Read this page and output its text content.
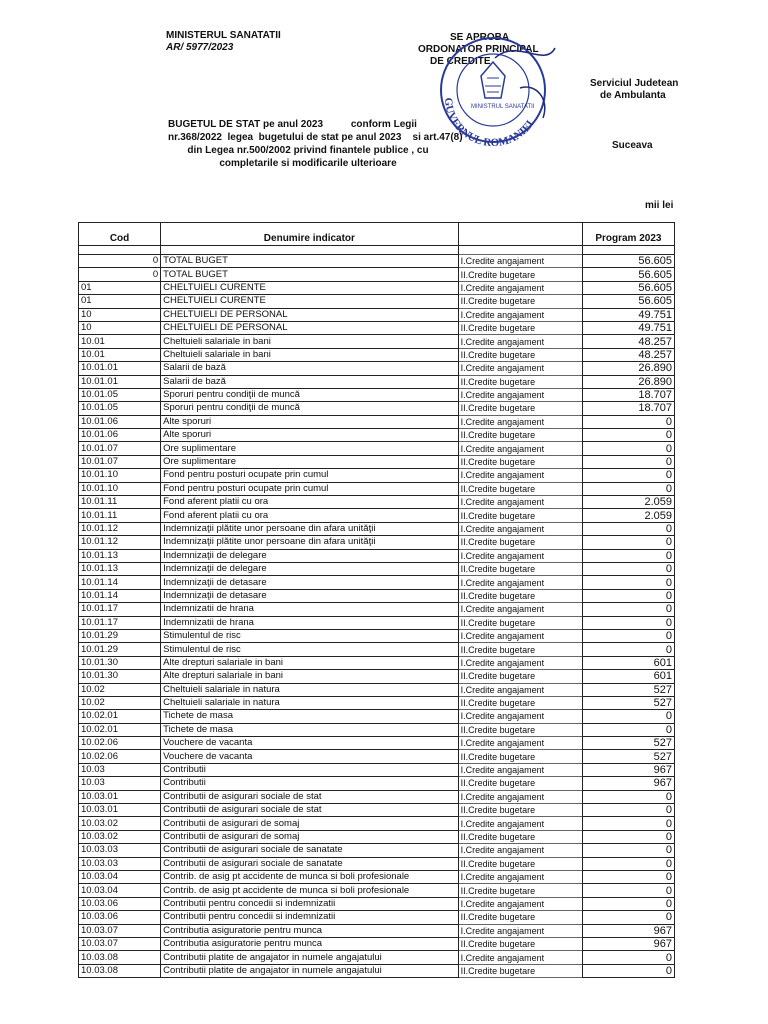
MINISTERUL SANATATII
AR/ 5977/2023
SE APROBA
ORDONATOR PRINCIPAL
DE CREDITE
GUVERNUL ROMANIEI
MINISTRUL SANATATII
Serviciul Judetean
de Ambulanta
Suceava
BUGETUL DE STAT pe anul 2023          conform Legii
nr.368/2022  legea  bugetului de stat pe anul 2023    si art.47(8)
din Legea nr.500/2002 privind finantele publice , cu
completarile si modificarile ulterioare
mii lei
Cod	Denumire indicator			Program 2023

0	TOTAL BUGET	I.Credite angajament		56.605
0	TOTAL BUGET	II.Credite bugetare		56.605
01	CHELTUIELI CURENTE	I.Credite angajament		56.605
01	CHELTUIELI CURENTE	II.Credite bugetare		56.605
10	CHELTUIELI DE PERSONAL	I.Credite angajament		49.751
10	CHELTUIELI DE PERSONAL	II.Credite bugetare		49.751
10.01	Cheltuieli salariale in bani	I.Credite angajament		48.257
10.01	Cheltuieli salariale in bani	II.Credite bugetare		48.257
10.01.01	Salarii de bază	I.Credite angajament		26.890
10.01.01	Salarii de bază	II.Credite bugetare		26.890
10.01.05	Sporuri pentru condiţii de muncă	I.Credite angajament		18.707
10.01.05	Sporuri pentru condiţii de muncă	II.Credite bugetare		18.707
10.01.06	Alte sporuri	I.Credite angajament		0
10.01.06	Alte sporuri	II.Credite bugetare		0
10.01.07	Ore suplimentare	I.Credite angajament		0
10.01.07	Ore suplimentare	II.Credite bugetare		0
10.01.10	Fond pentru posturi ocupate prin cumul	I.Credite angajament		0
10.01.10	Fond pentru posturi ocupate prin cumul	II.Credite bugetare		0
10.01.11	Fond aferent platii cu ora	I.Credite angajament		2.059
10.01.11	Fond aferent platii cu ora	II.Credite bugetare		2.059
10.01.12	Indemnizaţii plătite unor persoane din afara unităţii	I.Credite angajament		0
10.01.12	Indemnizaţii plătite unor persoane din afara unităţii	II.Credite bugetare		0
10.01.13	Indemnizaţii de delegare	I.Credite angajament		0
10.01.13	Indemnizaţii de delegare	II.Credite bugetare		0
10.01.14	Indemnizaţii de detasare	I.Credite angajament		0
10.01.14	Indemnizaţii de detasare	II.Credite bugetare		0
10.01.17	Indemnizatii de hrana	I.Credite angajament		0
10.01.17	Indemnizatii de hrana	II.Credite bugetare		0
10.01.29	Stimulentul de risc	I.Credite angajament		0
10.01.29	Stimulentul de risc	II.Credite bugetare		0
10.01.30	Alte drepturi salariale in bani	I.Credite angajament		601
10.01.30	Alte drepturi salariale in bani	II.Credite bugetare		601
10.02	Cheltuieli salariale in natura	I.Credite angajament		527
10.02	Cheltuieli salariale in natura	II.Credite bugetare		527
10.02.01	Tichete de masa	I.Credite angajament		0
10.02.01	Tichete de masa	II.Credite bugetare		0
10.02.06	Vouchere de vacanta	I.Credite angajament		527
10.02.06	Vouchere de vacanta	II.Credite bugetare		527
10.03	Contributii	I.Credite angajament		967
10.03	Contributii	II.Credite bugetare		967
10.03.01	Contributii de asigurari sociale de stat	I.Credite angajament		0
10.03.01	Contributii de asigurari sociale de stat	II.Credite bugetare		0
10.03.02	Contributii de asigurari de somaj	I.Credite angajament		0
10.03.02	Contributii de asigurari de somaj	II.Credite bugetare		0
10.03.03	Contributii de asigurari sociale de sanatate	I.Credite angajament		0
10.03.03	Contributii de asigurari sociale de sanatate	II.Credite bugetare		0
10.03.04	Contrib. de asig pt accidente de munca si boli profesionale	I.Credite angajament		0
10.03.04	Contrib. de asig pt accidente de munca si boli profesionale	II.Credite bugetare		0
10.03.06	Contributii pentru concedii si indemnizatii	I.Credite angajament		0
10.03.06	Contributii pentru concedii si indemnizatii	II.Credite bugetare		0
10.03.07	Contributia asiguratorie pentru munca	I.Credite angajament		967
10.03.07	Contributia asiguratorie pentru munca	II.Credite bugetare		967
10.03.08	Contributii platite de angajator in numele angajatului	I.Credite angajament		0
10.03.08	Contributii platite de angajator in numele angajatului	II.Credite bugetare		0
